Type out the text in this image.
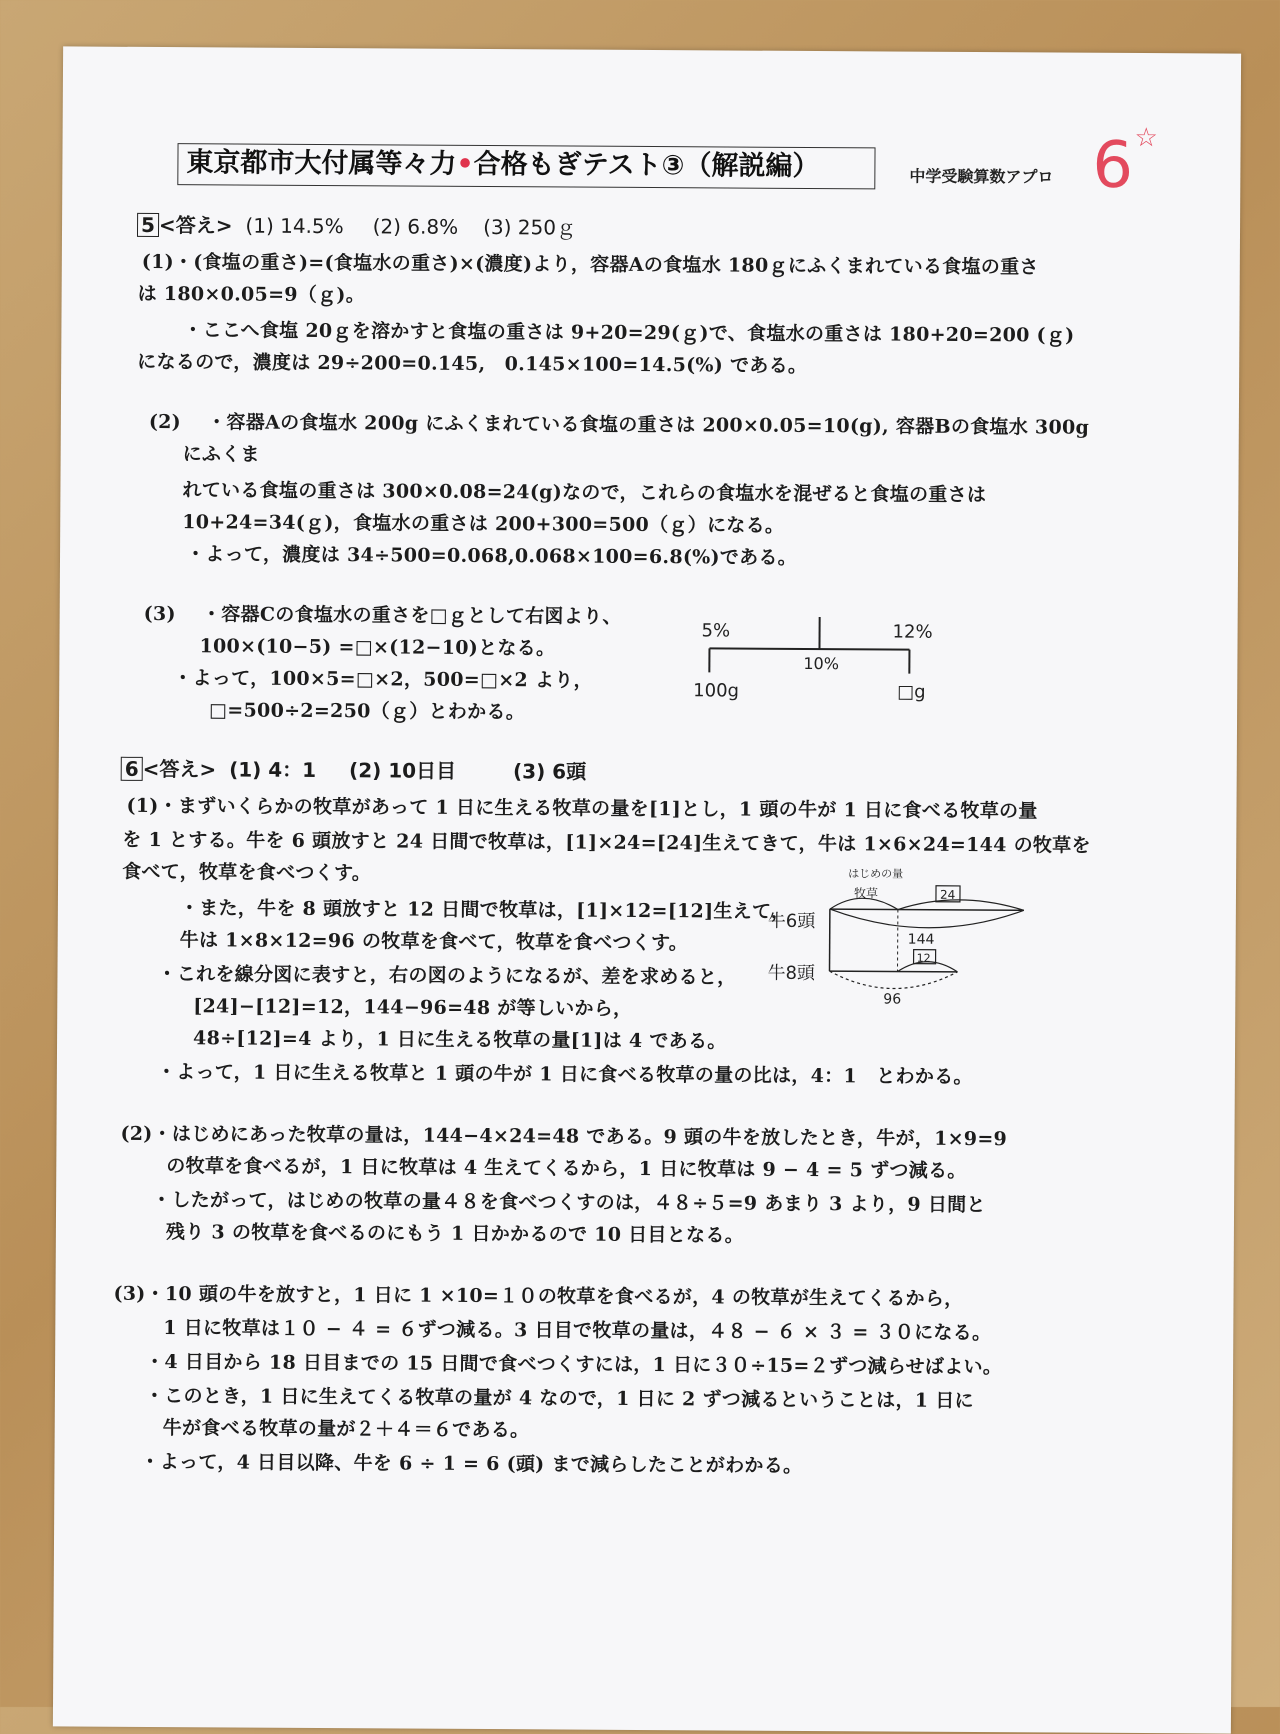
東京都市大付属等々力•合格もぎテスト③（解説編）	中学受験算数アプロ 6 ☆
5 <答え> (1) 14.5% (2) 6.8% (3) 250ｇ
(1)・(食塩の重さ)=(食塩水の重さ)×(濃度)より，容器Aの食塩水 180ｇにふくまれている食塩の重さ
は 180×0.05=9（ｇ)。
・ここへ食塩 20ｇを溶かすと食塩の重さは 9+20=29(ｇ)で、食塩水の重さは 180+20=200 (ｇ)
になるので，濃度は 29÷200=0.145,　0.145×100=14.5(%) である。
(2)　 ・容器Aの食塩水 200g にふくまれている食塩の重さは 200×0.05=10(g), 容器Bの食塩水 300g
にふくま
れている食塩の重さは 300×0.08=24(g)なので，これらの食塩水を混ぜると食塩の重さは
10+24=34(ｇ)，食塩水の重さは 200+300=500（ｇ）になる。
・よって，濃度は 34÷500=0.068,0.068×100=6.8(%)である。
(3)　 ・容器Cの食塩水の重さを□ｇとして右図より、
100×(10−5) =□×(12−10)となる。
・よって，100×5=□×2，500=□×2 より，
□=500÷2=250（ｇ）とわかる。
5%	12%
10%
100g	□g
6 <答え> (1) 4：1 (2) 10日目	(3) 6頭
(1)・まずいくらかの牧草があって 1 日に生える牧草の量を[1]とし，1 頭の牛が 1 日に食べる牧草の量
を 1 とする。牛を 6 頭放すと 24 日間で牧草は，[1]×24=[24]生えてきて，牛は 1×6×24=144 の牧草を
食べて，牧草を食べつくす。
・また，牛を 8 頭放すと 12 日間で牧草は，[1]×12=[12]生えて，
牛は 1×8×12=96 の牧草を食べて，牧草を食べつくす。
・これを線分図に表すと，右の図のようになるが、差を求めると，
[24]−[12]=12，144−96=48 が等しいから，
48÷[12]=4 より，1 日に生える牧草の量[1]は 4 である。
・よって，1 日に生える牧草と 1 頭の牛が 1 日に食べる牧草の量の比は，4：1　とわかる。
(2)・はじめにあった牧草の量は，144−4×24=48 である。9 頭の牛を放したとき，牛が，1×9=9
の牧草を食べるが，1 日に牧草は 4 生えてくるから，1 日に牧草は 9 − 4 = 5 ずつ減る。
・したがって，はじめの牧草の量４８を食べつくすのは，４８÷５=9 あまり 3 より，9 日間と
残り 3 の牧草を食べるのにもう 1 日かかるので 10 日目となる。
(3)・10 頭の牛を放すと，1 日に 1 ×10=１０の牧草を食べるが，4 の牧草が生えてくるから，
1 日に牧草は１０ − ４ = ６ずつ減る。3 日目で牧草の量は，４８ − ６ × ３ = ３０になる。
・4 日目から 18 日目までの 15 日間で食べつくすには，1 日に３０÷15=２ずつ減らせばよい。
・このとき，1 日に生えてくる牧草の量が 4 なので，1 日に 2 ずつ減るということは，1 日に
牛が食べる牧草の量が２＋４＝６である。
・よって，4 日目以降、牛を 6 ÷ 1 = 6 (頭) まで減らしたことがわかる。
はじめの量
牧草
牛6頭
牛8頭
24
144
12
96
